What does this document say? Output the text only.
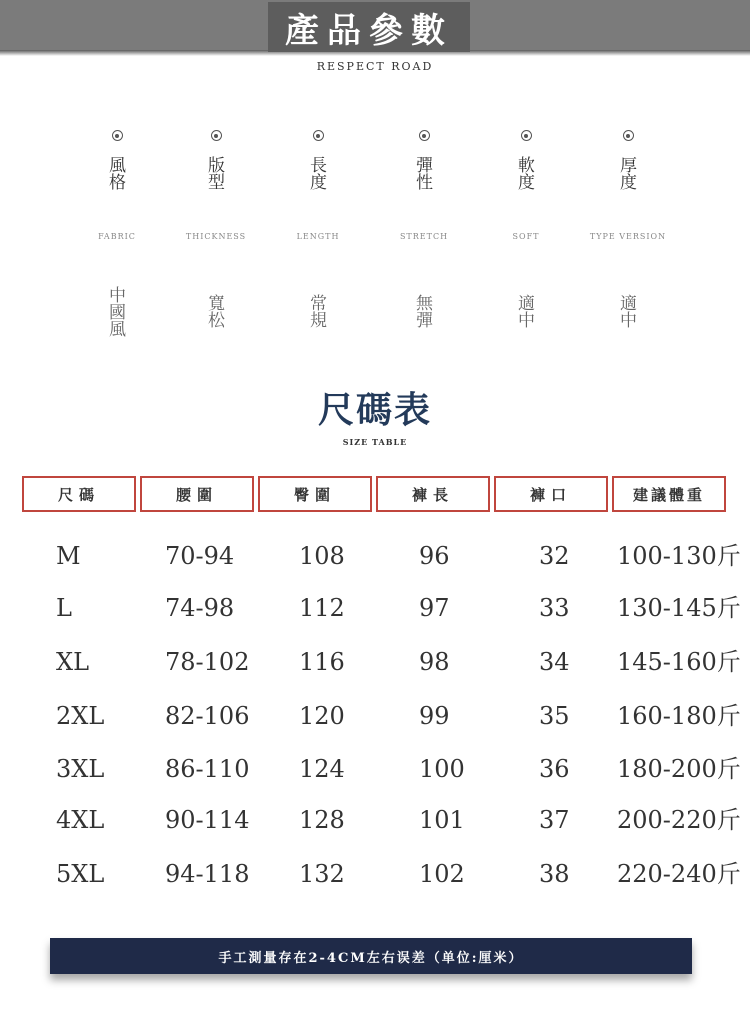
產品參數
RESPECT ROAD
風格
FABRIC
中國風
版型
THICKNESS
寬松
長度
LENGTH
常規
彈性
STRETCH
無彈
軟度
SOFT
適中
厚度
TYPE VERSION
適中
尺碼表
SIZE TABLE
尺碼	腰圍	臀圍	褲長	褲口	建議體重
M	70-94	108	96	32 100-130斤
L	74-98	112	97	33 130-145斤
XL	78-102 116	98	34 145-160斤
2XL	82-106 120	99	35 160-180斤
3XL	86-110 124	100	36 180-200斤
4XL	90-114 128	101	37 200-220斤
5XL	94-118 132	102	38 220-240斤
手工測量存在2-4CM左右误差（单位:厘米）
